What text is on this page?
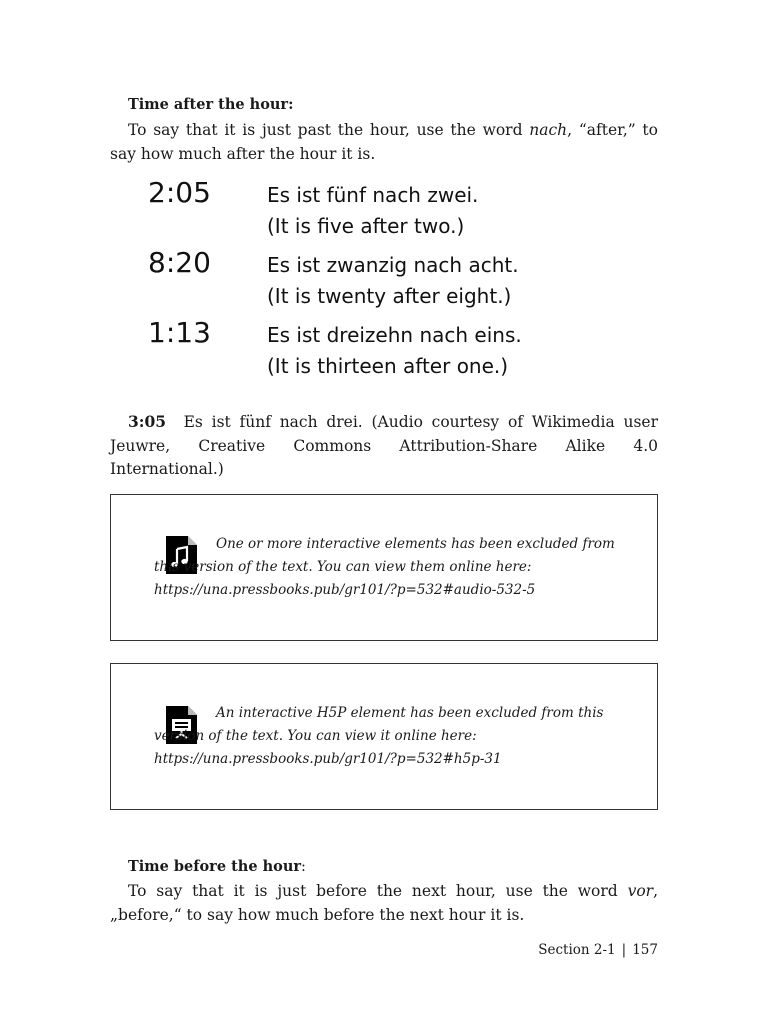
Time after the hour:

To say that it is just past the hour, use the word nach, “after,” to say how much after the hour it is.

2:05	Es ist fünf nach zwei.
(It is five after two.)
8:20	Es ist zwanzig nach acht.
(It is twenty after eight.)
1:13	Es ist dreizehn nach eins.
(It is thirteen after one.)

3:05 Es ist fünf nach drei. (Audio courtesy of Wikimedia user Jeuwre, Creative Commons Attribution-Share Alike 4.0 International.)

One or more interactive elements has been excluded from this version of the text. You can view them online here: https://una.pressbooks.pub/gr101/?p=532#audio-532-5

An interactive H5P element has been excluded from this version of the text. You can view it online here: https://una.pressbooks.pub/gr101/?p=532#h5p-31

Time before the hour:

To say that it is just before the next hour, use the word vor, „before,“ to say how much before the next hour it is.

Section 2-1 | 157
